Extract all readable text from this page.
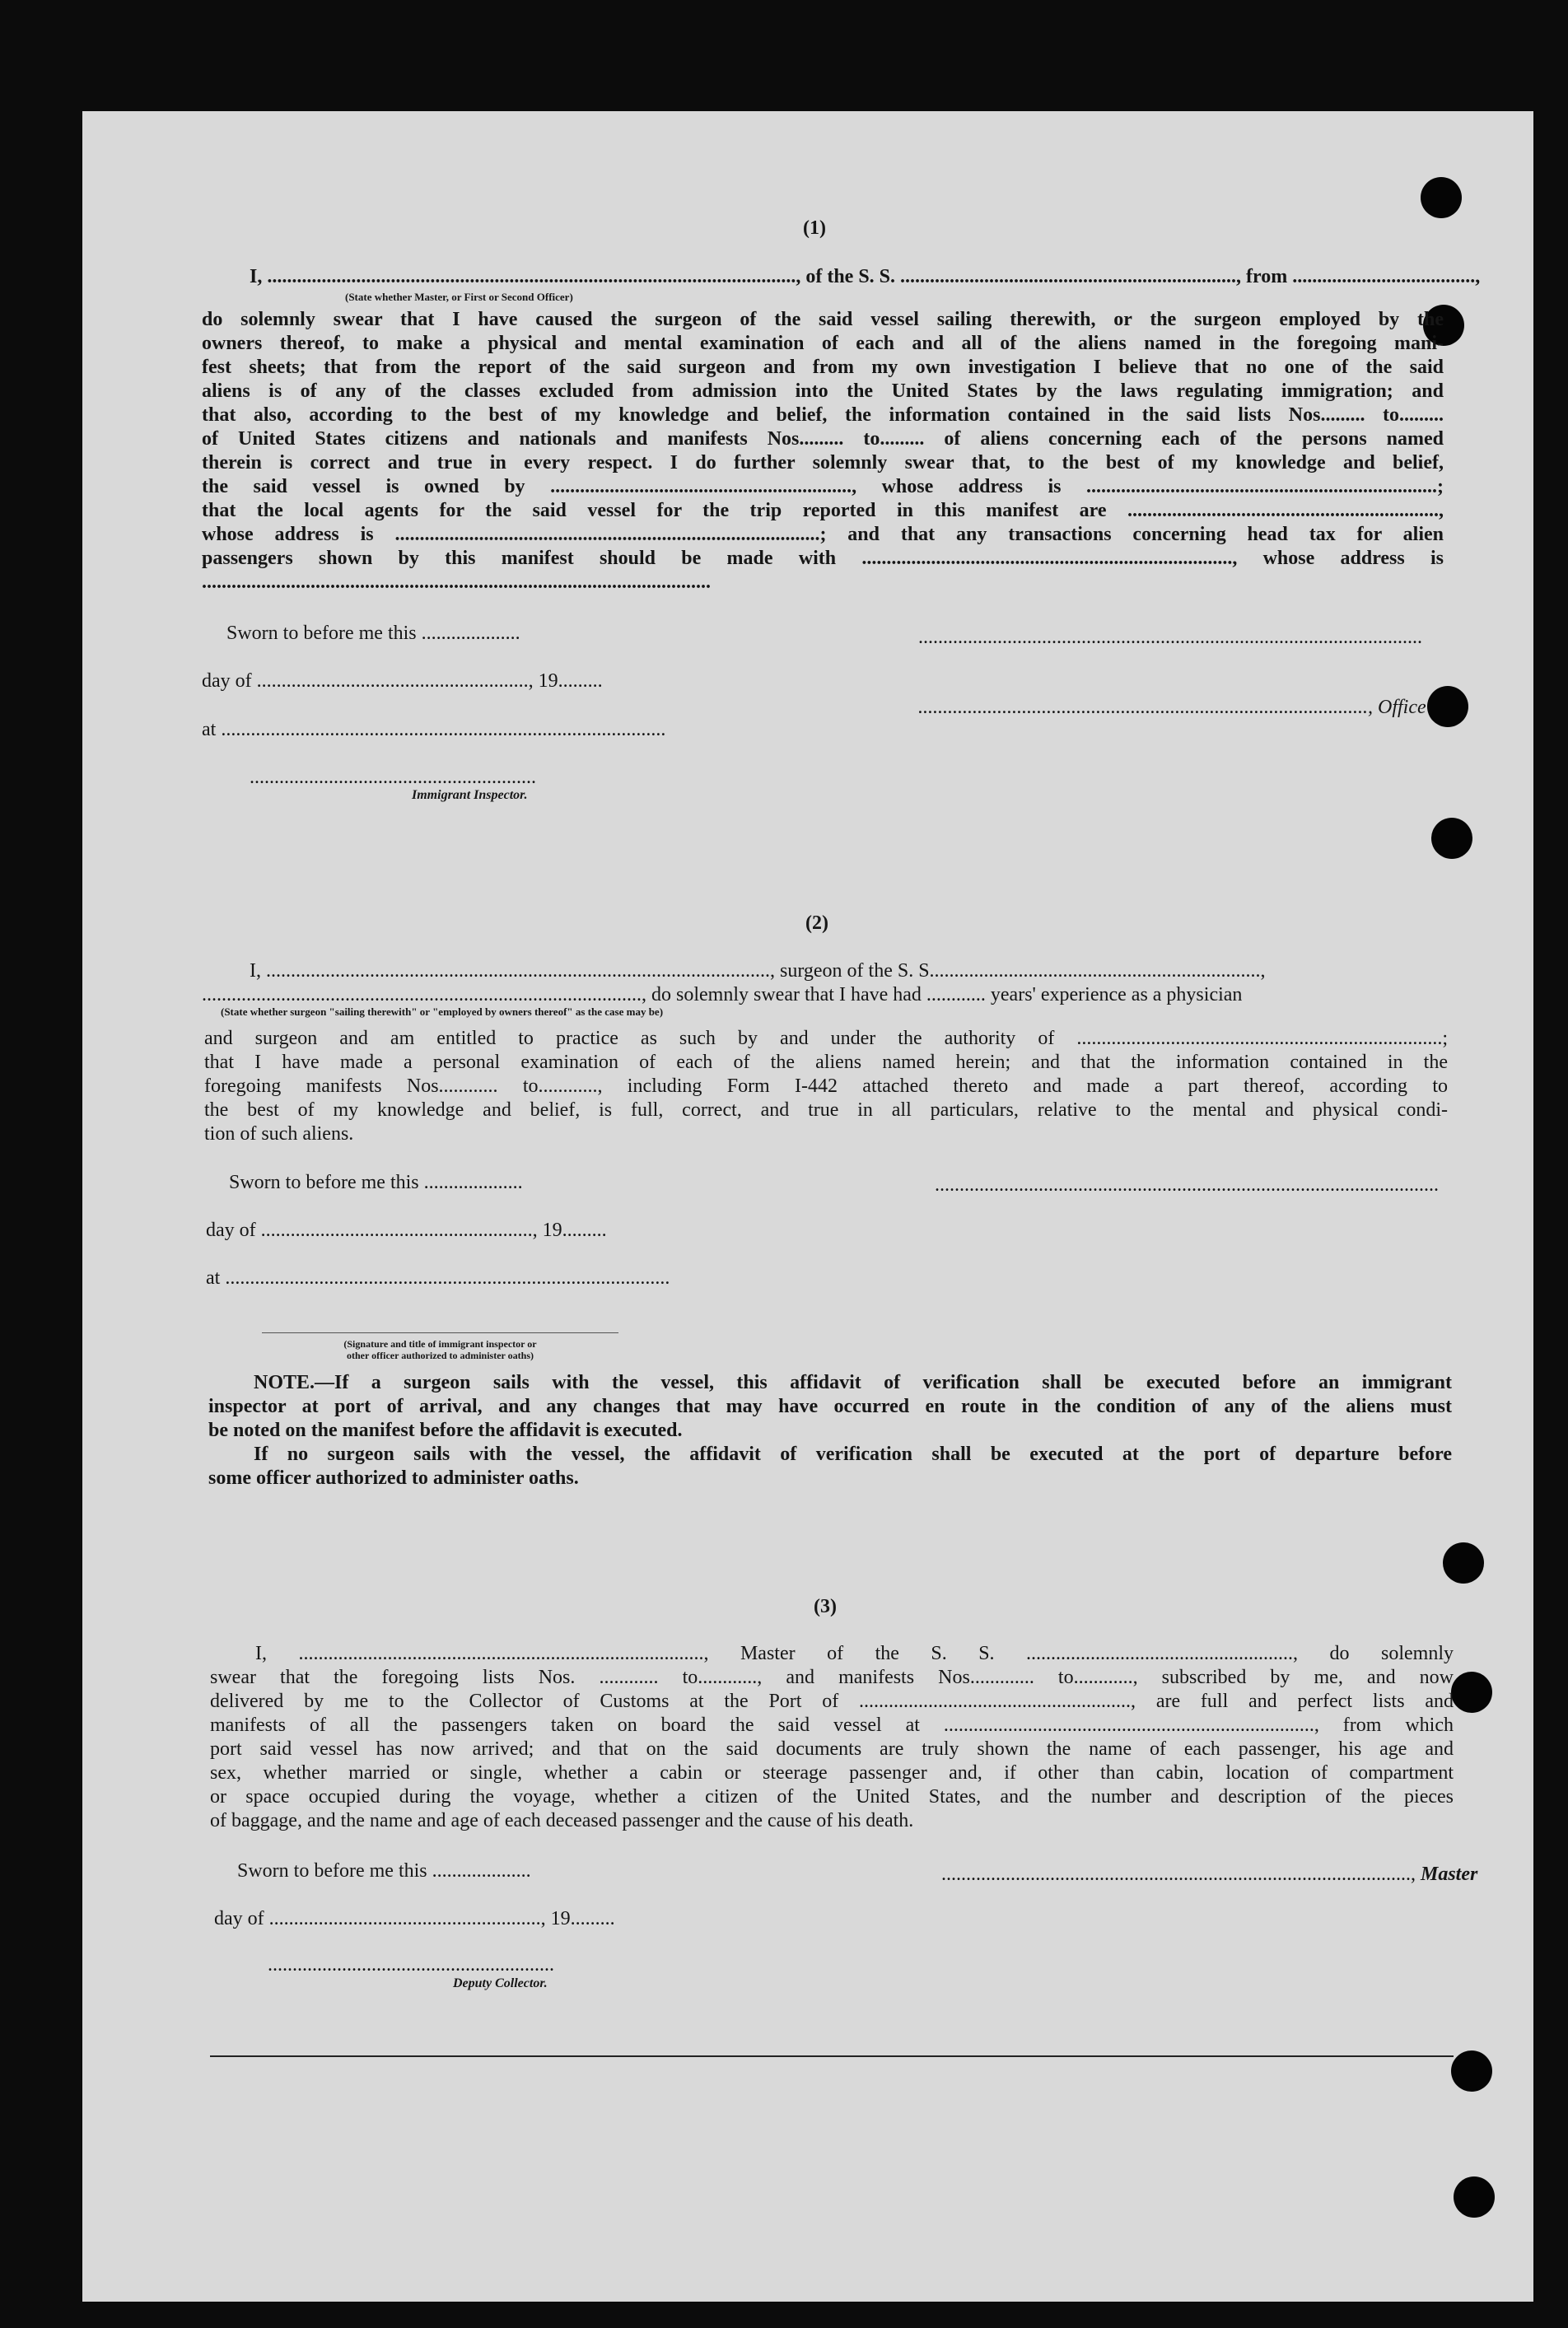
(1)
I, ..........................................................................................................., of the S. S. ...................................................................., from .....................................,
(State whether Master, or First or Second Officer)
do solemnly swear that I have caused the surgeon of the said vessel sailing therewith, or the surgeon employed by the
owners thereof, to make a physical and mental examination of each and all of the aliens named in the foregoing mani-
fest sheets; that from the report of the said surgeon and from my own investigation I believe that no one of the said
aliens is of any of the classes excluded from admission into the United States by the laws regulating immigration; and
that also, according to the best of my knowledge and belief, the information contained in the said lists Nos......... to.........
of United States citizens and nationals and manifests Nos......... to......... of aliens concerning each of the persons named
therein is correct and true in every respect. I do further solemnly swear that, to the best of my knowledge and belief,
the said vessel is owned by ............................................................., whose address is .......................................................................;
that the local agents for the said vessel for the trip reported in this manifest are ...............................................................,
whose address is ......................................................................................; and that any transactions concerning head tax for alien
passengers shown by this manifest should be made with ..........................................................................., whose address is
.......................................................................................................
Sworn to before me this ....................
day of ......................................................., 19.........
at ..........................................................................................
..........................................................
Immigrant Inspector.
......................................................................................................
..........................................................................................., Office
(2)
I, ......................................................................................................, surgeon of the S. S...................................................................,
........................................................................................., do solemnly swear that I have had ............ years' experience as a physician
(State whether surgeon "sailing therewith" or "employed by owners thereof" as the case may be)
and surgeon and am entitled to practice as such by and under the authority of ..........................................................................;
that I have made a personal examination of each of the aliens named herein; and that the information contained in the
foregoing manifests Nos............ to............, including Form I-442 attached thereto and made a part thereof, according to
the best of my knowledge and belief, is full, correct, and true in all particulars, relative to the mental and physical condi-
tion of such aliens.
Sworn to before me this ....................
day of ......................................................., 19.........
at ..........................................................................................
......................................................................................................
(Signature and title of immigrant inspector or
other officer authorized to administer oaths)
NOTE.—If a surgeon sails with the vessel, this affidavit of verification shall be executed before an immigrant
inspector at port of arrival, and any changes that may have occurred en route in the condition of any of the aliens must
be noted on the manifest before the affidavit is executed.
If no surgeon sails with the vessel, the affidavit of verification shall be executed at the port of departure before
some officer authorized to administer oaths.
(3)
I, .................................................................................., Master of the S. S. ......................................................, do solemnly
swear that the foregoing lists Nos. ............ to............, and manifests Nos............. to............, subscribed by me, and now
delivered by me to the Collector of Customs at the Port of ......................................................., are full and perfect lists and
manifests of all the passengers taken on board the said vessel at ..........................................................................., from which
port said vessel has now arrived; and that on the said documents are truly shown the name of each passenger, his age and
sex, whether married or single, whether a cabin or steerage passenger and, if other than cabin, location of compartment
or space occupied during the voyage, whether a citizen of the United States, and the number and description of the pieces
of baggage, and the name and age of each deceased passenger and the cause of his death.
Sworn to before me this ....................
day of ......................................................., 19.........
..........................................................
Deputy Collector.
..............................................................................................., Master
